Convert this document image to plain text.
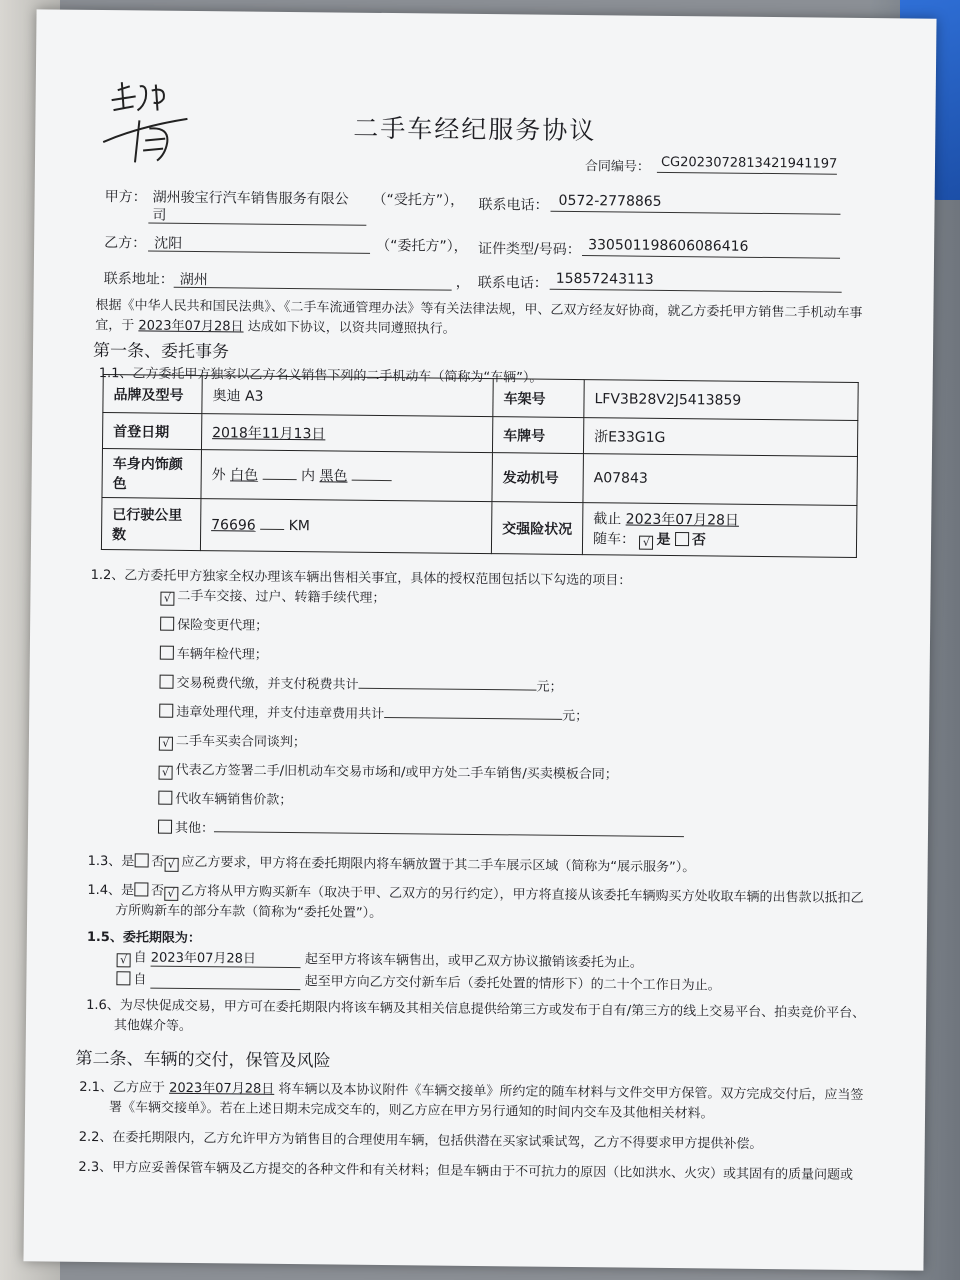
二手车经纪服务协议
合同编号： CG2023072813421941197
甲方： 湖州骏宝行汽车销售服务有限公
司
（“受托方”）， 联系电话： 0572-2778865
乙方： 沈阳	（“委托方”）， 证件类型/号码： 330501198606086416
联系地址： 湖州	， 联系电话： 15857243113
根据《中华人民共和国民法典》、《二手车流通管理办法》等有关法律法规，甲、乙双方经友好协商，就乙方委托甲方销售二手机动车事
宜，于 2023年07月28日 达成如下协议，以资共同遵照执行。
第一条、委托事务
1.1、乙方委托甲方独家以乙方名义销售下列的二手机动车（简称为“车辆”）。
品牌及型号	奥迪 A3	车架号	LFV3B28V2J5413859
首登日期	2018年11月13日	车牌号	浙E33G1G
车身内饰颜色	外 白色 内 黑色	发动机号	A07843
已行驶公里数	76696 KM	交强险状况	截止 2023年07月28日
随车： √ 是 否
1.2、乙方委托甲方独家全权办理该车辆出售相关事宜，具体的授权范围包括以下勾选的项目：
√ 二手车交接、过户、转籍手续代理；
保险变更代理；
车辆年检代理；
交易税费代缴，并支付税费共计	元；
违章处理代理，并支付违章费用共计	元；
√ 二手车买卖合同谈判；
√ 代表乙方签署二手/旧机动车交易市场和/或甲方处二手车销售/买卖模板合同；
代收车辆销售价款；
其他：
1.3、是 否 √ 应乙方要求，甲方将在委托期限内将车辆放置于其二手车展示区域（简称为“展示服务”）。
1.4、是 否 √ 乙方将从甲方购买新车（取决于甲、乙双方的另行约定），甲方将直接从该委托车辆购买方处收取车辆的出售款以抵扣乙
方所购新车的部分车款（简称为“委托处置”）。
1.5、委托期限为：
√ 自 2023年07月28日	起至甲方将该车辆售出，或甲乙双方协议撤销该委托为止。
自	起至甲方向乙方交付新车后（委托处置的情形下）的二十个工作日为止。
1.6、为尽快促成交易，甲方可在委托期限内将该车辆及其相关信息提供给第三方或发布于自有/第三方的线上交易平台、拍卖竞价平台、
其他媒介等。
第二条、车辆的交付，保管及风险
2.1、乙方应于 2023年07月28日 将车辆以及本协议附件《车辆交接单》所约定的随车材料与文件交甲方保管。双方完成交付后，应当签
署《车辆交接单》。若在上述日期未完成交车的，则乙方应在甲方另行通知的时间内交车及其他相关材料。
2.2、在委托期限内，乙方允许甲方为销售目的合理使用车辆，包括供潜在买家试乘试驾，乙方不得要求甲方提供补偿。
2.3、甲方应妥善保管车辆及乙方提交的各种文件和有关材料；但是车辆由于不可抗力的原因（比如洪水、火灾）或其固有的质量问题或
